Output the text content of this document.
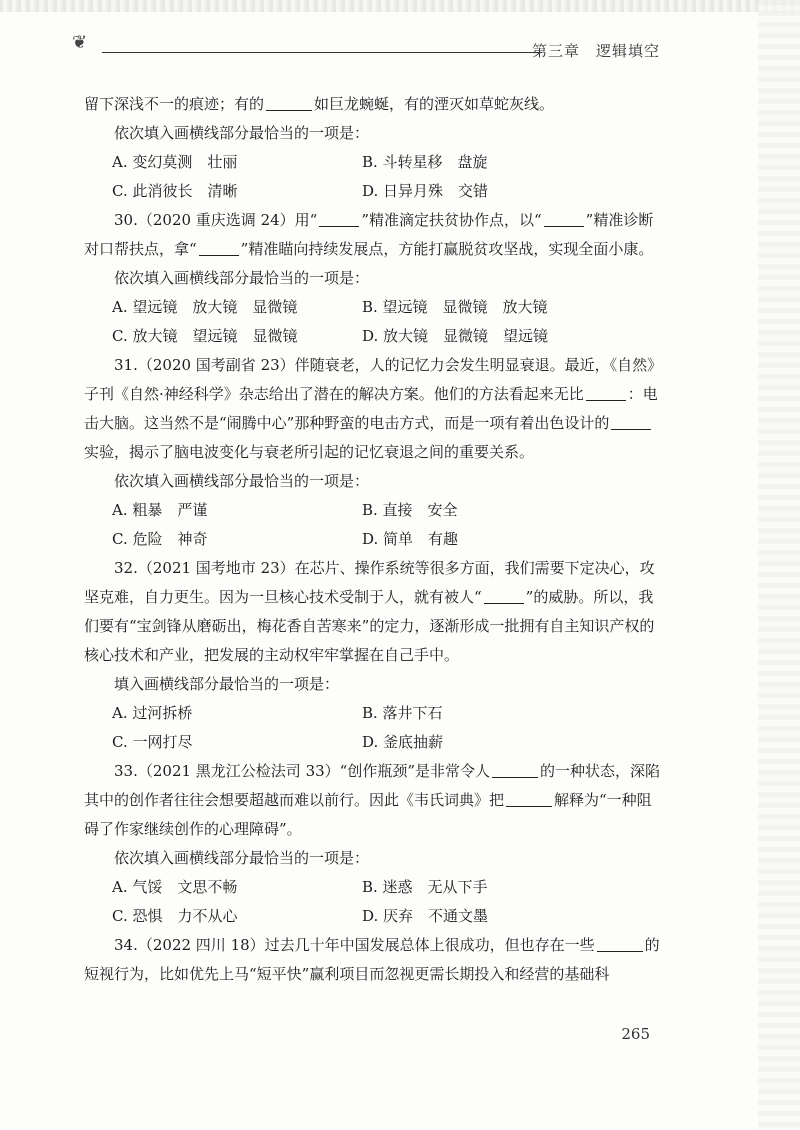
❦	第三章　逻辑填空

留下深浅不一的痕迹；有的	如巨龙蜿蜒，有的湮灭如草蛇灰线。

依次填入画横线部分最恰当的一项是：

A. 变幻莫测　壮丽	B. 斗转星移　盘旋
C. 此消彼长　清晰	D. 日异月殊　交错

30.（2020 重庆选调 24）用“	”精准滴定扶贫协作点，以“	”精准诊断对口帮扶点，拿“	”精准瞄向持续发展点，方能打赢脱贫攻坚战，实现全面小康。

依次填入画横线部分最恰当的一项是：

A. 望远镜　放大镜　显微镜	B. 望远镜　显微镜　放大镜
C. 放大镜　望远镜　显微镜	D. 放大镜　显微镜　望远镜

31.（2020 国考副省 23）伴随衰老，人的记忆力会发生明显衰退。最近，《自然》子刊《自然·神经科学》杂志给出了潜在的解决方案。他们的方法看起来无比	：电击大脑。这当然不是“闹腾中心”那种野蛮的电击方式，而是一项有着出色设计的实验，揭示了脑电波变化与衰老所引起的记忆衰退之间的重要关系。

依次填入画横线部分最恰当的一项是：

A. 粗暴　严谨	B. 直接　安全
C. 危险　神奇	D. 简单　有趣

32.（2021 国考地市 23）在芯片、操作系统等很多方面，我们需要下定决心，攻坚克难，自力更生。因为一旦核心技术受制于人，就有被人“	”的威胁。所以，我们要有“宝剑锋从磨砺出，梅花香自苦寒来”的定力，逐渐形成一批拥有自主知识产权的核心技术和产业，把发展的主动权牢牢掌握在自己手中。

填入画横线部分最恰当的一项是：

A. 过河拆桥	B. 落井下石
C. 一网打尽	D. 釜底抽薪

33.（2021 黑龙江公检法司 33）“创作瓶颈”是非常令人	的一种状态，深陷其中的创作者往往会想要超越而难以前行。因此《韦氏词典》把	解释为“一种阻碍了作家继续创作的心理障碍”。

依次填入画横线部分最恰当的一项是：

A. 气馁　文思不畅	B. 迷惑　无从下手
C. 恐惧　力不从心	D. 厌弃　不通文墨

34.（2022 四川 18）过去几十年中国发展总体上很成功，但也存在一些	的短视行为，比如优先上马“短平快”赢利项目而忽视更需长期投入和经营的基础科

265
